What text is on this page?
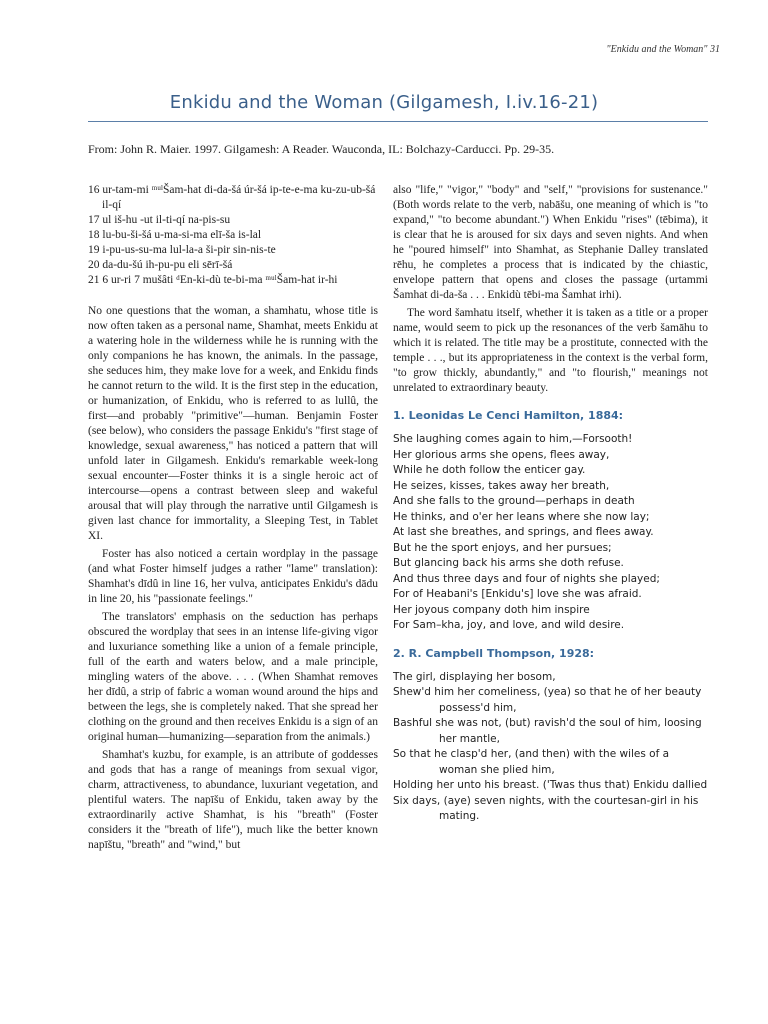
"Enkidu and the Woman" 31
Enkidu and the Woman (Gilgamesh, I.iv.16-21)
From: John R. Maier. 1997. Gilgamesh: A Reader. Wauconda, IL: Bolchazy-Carducci. Pp. 29-35.

16 ur-tam-mi ᵐᵘˡŠam-hat di-da-šá úr-šá ip-te-e-ma ku-zu-ub-šá il-qí

17 ul iš-hu -ut il-ti-qí na-pis-su

18 lu-bu-ši-šá u-ma-si-ma elī-ša is-lal

19 i-pu-us-su-ma lul-la-a ši-pir sin-nis-te

20 da-du-šú ih-pu-pu eli sērī-šá

21 6 ur-ri 7 mušâti ᵈEn-ki-dù te-bi-ma ᵐᵘˡŠam-hat ir-hi

No one questions that the woman, a shamhatu, whose title is now often taken as a personal name, Shamhat, meets Enkidu at a watering hole in the wilderness while he is running with the only companions he has known, the animals. In the passage, she seduces him, they make love for a week, and Enkidu finds he cannot return to the wild. It is the first step in the education, or humanization, of Enkidu, who is referred to as lullû, the first—and probably "primitive"—human. Benjamin Foster (see below), who considers the passage Enkidu's "first stage of knowledge, sexual awareness," has noticed a pattern that will unfold later in Gilgamesh. Enkidu's remarkable week-long sexual encounter—Foster thinks it is a single heroic act of intercourse—opens a contrast between sleep and wakeful arousal that will play through the narrative until Gilgamesh is given last chance for immortality, a Sleeping Test, in Tablet XI.

Foster has also noticed a certain wordplay in the passage (and what Foster himself judges a rather "lame" translation): Shamhat's dīdû in line 16, her vulva, anticipates Enkidu's dādu in line 20, his "passionate feelings."

The translators' emphasis on the seduction has perhaps obscured the wordplay that sees in an intense life-giving vigor and luxuriance something like a union of a female principle, full of the earth and waters below, and a male principle, mingling waters of the above. . . . (When Shamhat removes her dīdû, a strip of fabric a woman wound around the hips and between the legs, she is completely naked. That she spread her clothing on the ground and then receives Enkidu is a sign of an original human—humanizing—separation from the animals.)

Shamhat's kuzbu, for example, is an attribute of goddesses and gods that has a range of meanings from sexual vigor, charm, attractiveness, to abundance, luxuriant vegetation, and plentiful waters. The napīšu of Enkidu, taken away by the extraordinarily active Shamhat, is his "breath" (Foster considers it the "breath of life"), much like the better known napīštu, "breath" and "wind," but

also "life," "vigor," "body" and "self," "provisions for sustenance." (Both words relate to the verb, nabāšu, one meaning of which is "to expand," "to become abundant.") When Enkidu "rises" (tēbima), it is clear that he is aroused for six days and seven nights. And when he "poured himself" into Shamhat, as Stephanie Dalley translated rēhu, he completes a process that is indicated by the chiastic, envelope pattern that opens and closes the passage (urtammi Šamhat di-da-ša . . . Enkidù tēbi-ma Šamhat irhi).

The word šamhatu itself, whether it is taken as a title or a proper name, would seem to pick up the resonances of the verb šamāhu to which it is related. The title may be a prostitute, connected with the temple . . ., but its appropriateness in the context is the verbal form, "to grow thickly, abundantly," and "to flourish," meanings not unrelated to extraordinary beauty.

1. Leonidas Le Cenci Hamilton, 1884:

She laughing comes again to him,—Forsooth!

Her glorious arms she opens, flees away,

While he doth follow the enticer gay.

He seizes, kisses, takes away her breath,

And she falls to the ground—perhaps in death

He thinks, and o'er her leans where she now lay;

At last she breathes, and springs, and flees away.

But he the sport enjoys, and her pursues;

But glancing back his arms she doth refuse.

And thus three days and four of nights she played;

For of Heabani's [Enkidu's] love she was afraid.

Her joyous company doth him inspire

For Sam–kha, joy, and love, and wild desire.

2. R. Campbell Thompson, 1928:

The girl, displaying her bosom,

Shew'd him her comeliness, (yea) so that he of her beauty possess'd him,

Bashful she was not, (but) ravish'd the soul of him, loosing her mantle,

So that he clasp'd her, (and then) with the wiles of a woman she plied him,

Holding her unto his breast. ('Twas thus that) Enkidu dallied

Six days, (aye) seven nights, with the courtesan-girl in his mating.
